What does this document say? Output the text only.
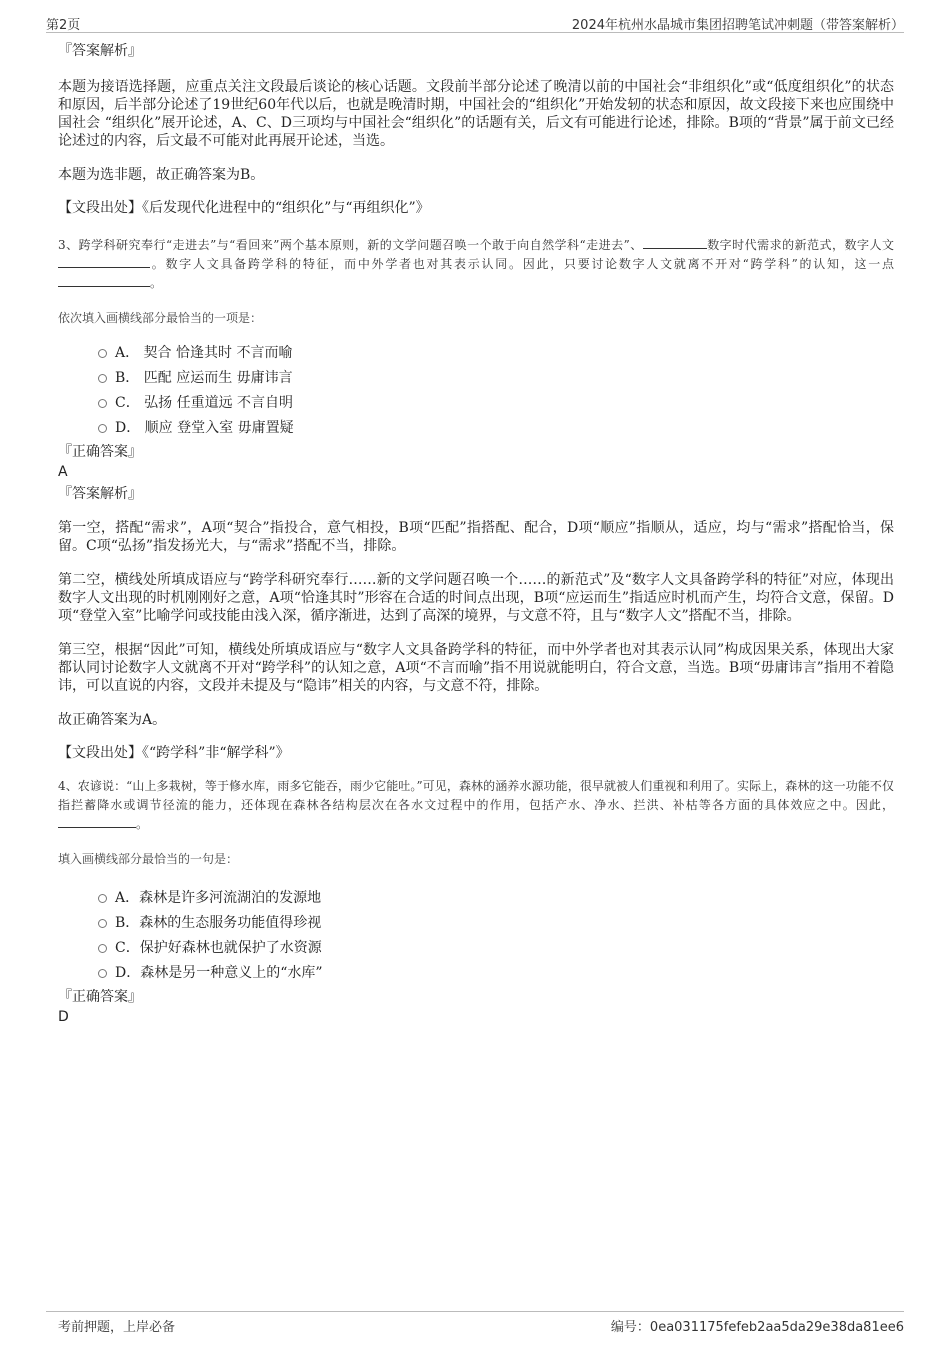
第2页	2024年杭州水晶城市集团招聘笔试冲刺题（带答案解析）

『答案解析』

本题为接语选择题，应重点关注文段最后谈论的核心话题。文段前半部分论述了晚清以前的中国社会“非组织化”或“低度组织化”的状态和原因，后半部分论述了19世纪60年代以后，也就是晚清时期，中国社会的“组织化”开始发轫的状态和原因，故文段接下来也应围绕中国社会 “组织化”展开论述，A、C、D三项均与中国社会“组织化”的话题有关，后文有可能进行论述，排除。B项的“背景”属于前文已经论述过的内容，后文最不可能对此再展开论述，当选。

本题为选非题，故正确答案为B。

【文段出处】《后发现代化进程中的“组织化”与“再组织化”》

3、跨学科研究奉行“走进去”与“看回来”两个基本原则，新的文学问题召唤一个敢于向自然学科“走进去”、	数字时代需求的新范式，数字人文 。数字人文具备跨学科的特征，而中外学者也对其表示认同。因此，只要讨论数字人文就离不开对“跨学科”的认知，这一点 。

依次填入画横线部分最恰当的一项是：

A． 契合 恰逢其时 不言而喻
B． 匹配 应运而生 毋庸讳言
C． 弘扬 任重道远 不言自明
D． 顺应 登堂入室 毋庸置疑

『正确答案』

A

『答案解析』

第一空，搭配“需求”，A项“契合”指投合，意气相投，B项“匹配”指搭配、配合，D项“顺应”指顺从，适应，均与“需求”搭配恰当，保留。C项“弘扬”指发扬光大，与“需求”搭配不当，排除。

第二空，横线处所填成语应与“跨学科研究奉行……新的文学问题召唤一个……的新范式”及“数字人文具备跨学科的特征”对应，体现出数字人文出现的时机刚刚好之意，A项“恰逢其时”形容在合适的时间点出现，B项“应运而生”指适应时机而产生，均符合文意，保留。D项“登堂入室”比喻学问或技能由浅入深，循序渐进，达到了高深的境界，与文意不符，且与“数字人文”搭配不当，排除。

第三空，根据“因此”可知，横线处所填成语应与“数字人文具备跨学科的特征，而中外学者也对其表示认同”构成因果关系，体现出大家都认同讨论数字人文就离不开对“跨学科”的认知之意，A项“不言而喻”指不用说就能明白，符合文意，当选。B项“毋庸讳言”指用不着隐讳，可以直说的内容，文段并未提及与“隐讳”相关的内容，与文意不符，排除。

故正确答案为A。

【文段出处】《“跨学科”非“解学科”》

4、农谚说：“山上多栽树，等于修水库，雨多它能吞，雨少它能吐。”可见，森林的涵养水源功能，很早就被人们重视和利用了。实际上，森林的这一功能不仅指拦蓄降水或调节径流的能力，还体现在森林各结构层次在各水文过程中的作用，包括产水、净水、拦洪、补枯等各方面的具体效应之中。因此，。

填入画横线部分最恰当的一句是：

A．森林是许多河流湖泊的发源地
B．森林的生态服务功能值得珍视
C．保护好森林也就保护了水资源
D．森林是另一种意义上的“水库”

『正确答案』

D

考前押题，上岸必备	编号：0ea031175fefeb2aa5da29e38da81ee6
